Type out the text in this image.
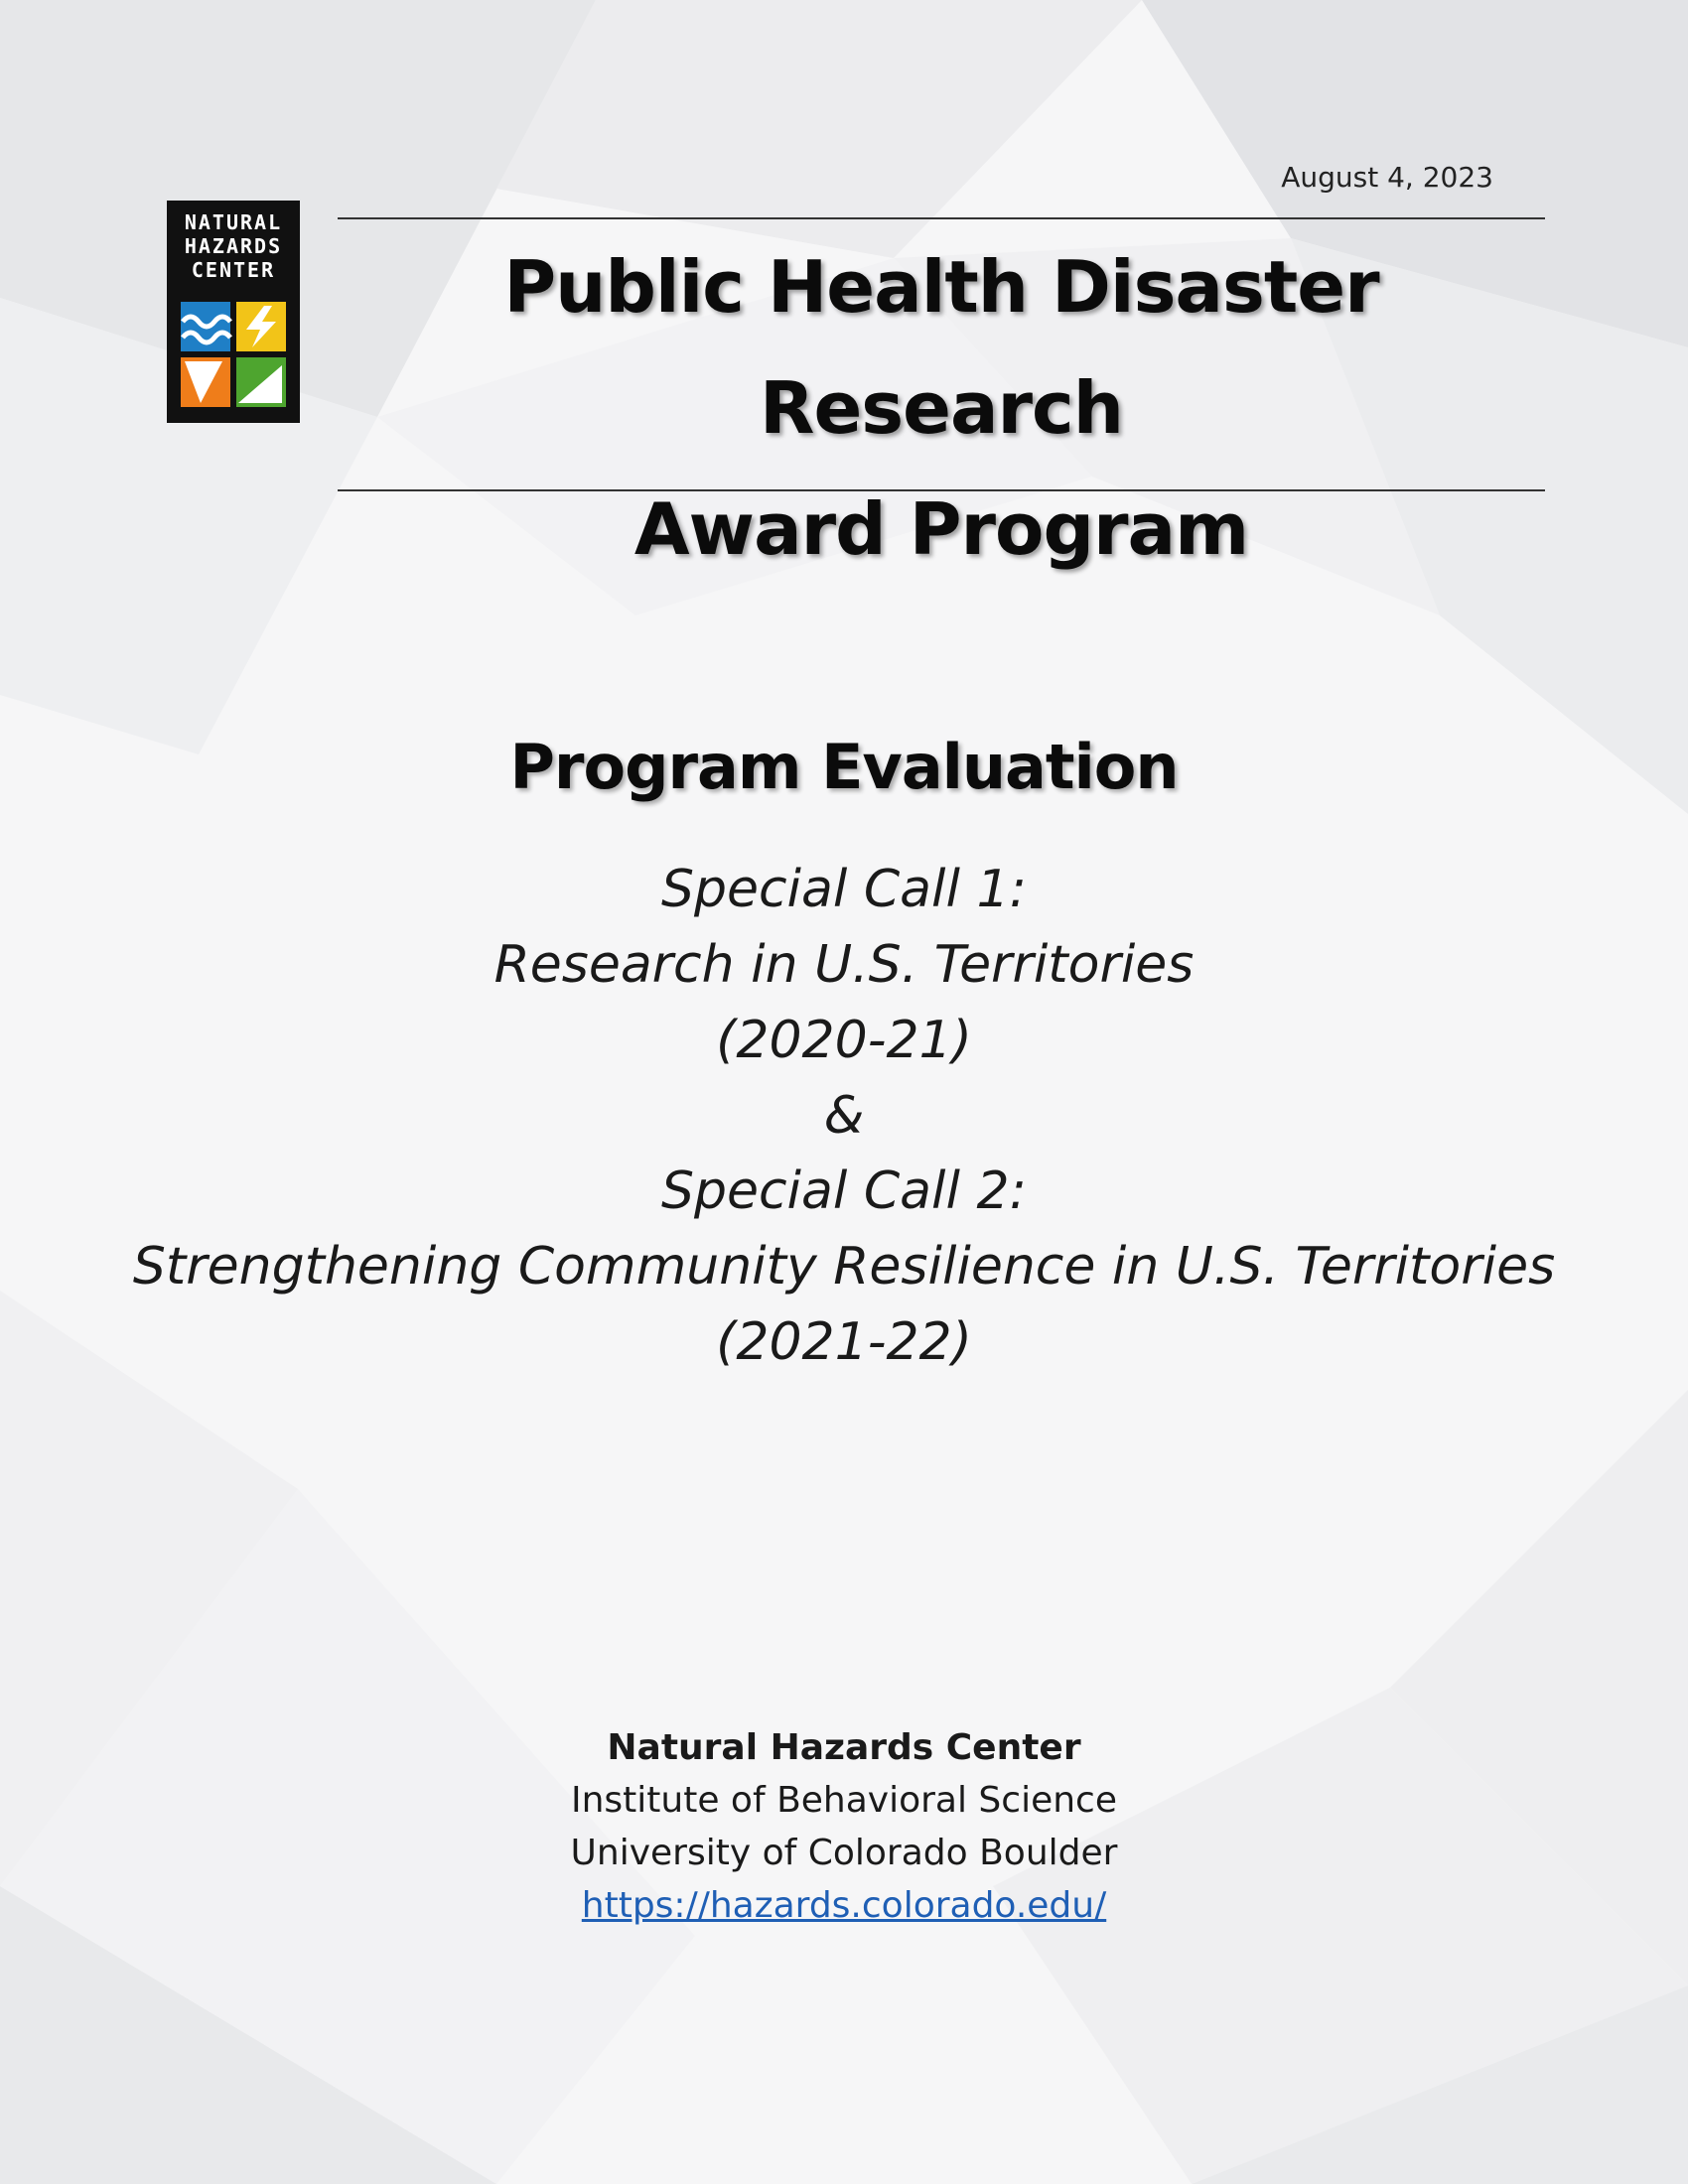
NATURAL
HAZARDS
CENTER
August 4, 2023
Public Health Disaster Research
Award Program
Program Evaluation
Special Call 1:
Research in U.S. Territories
(2020-21)
&
Special Call 2:
Strengthening Community Resilience in U.S. Territories
(2021-22)
Natural Hazards Center
Institute of Behavioral Science
University of Colorado Boulder
https://hazards.colorado.edu/
